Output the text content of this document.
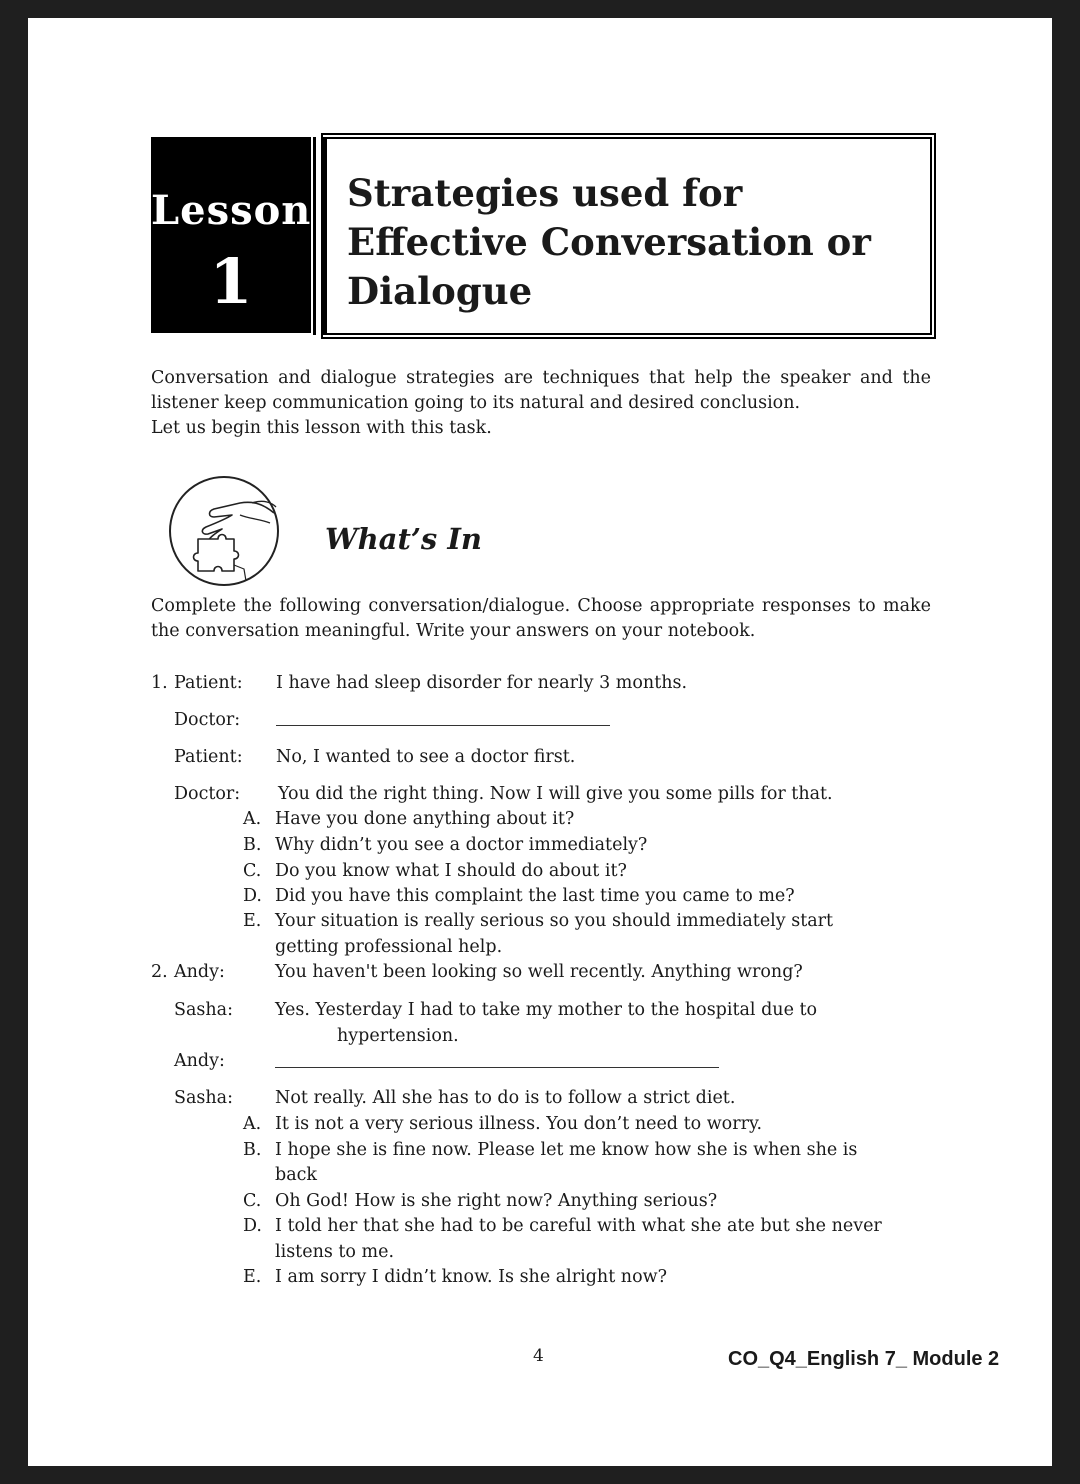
Lesson
1
Strategies used for
Effective Conversation or
Dialogue

Conversation and dialogue strategies are techniques that help the speaker and the listener keep communication going to its natural and desired conclusion.

Let us begin this lesson with this task.

What’s In
Complete the following conversation/dialogue. Choose appropriate responses to make the conversation meaningful. Write your answers on your notebook.
1. Patient: I have had sleep disorder for nearly 3 months.
Doctor:
Patient: No, I wanted to see a doctor first.
Doctor: You did the right thing. Now I will give you some pills for that.
A. Have you done anything about it?
B. Why didn’t you see a doctor immediately?
C. Do you know what I should do about it?
D. Did you have this complaint the last time you came to me?
E. Your situation is really serious so you should immediately start
getting professional help.
2. Andy:	You haven't been looking so well recently. Anything wrong?
Sasha: Yes. Yesterday I had to take my mother to the hospital due to
hypertension.
Andy:
Sasha: Not really. All she has to do is to follow a strict diet.
A. It is not a very serious illness. You don’t need to worry.
B. I hope she is fine now. Please let me know how she is when she is
back
C. Oh God! How is she right now? Anything serious?
D. I told her that she had to be careful with what she ate but she never
listens to me.
E. I am sorry I didn’t know. Is she alright now?
4	CO_Q4_English 7_ Module 2
